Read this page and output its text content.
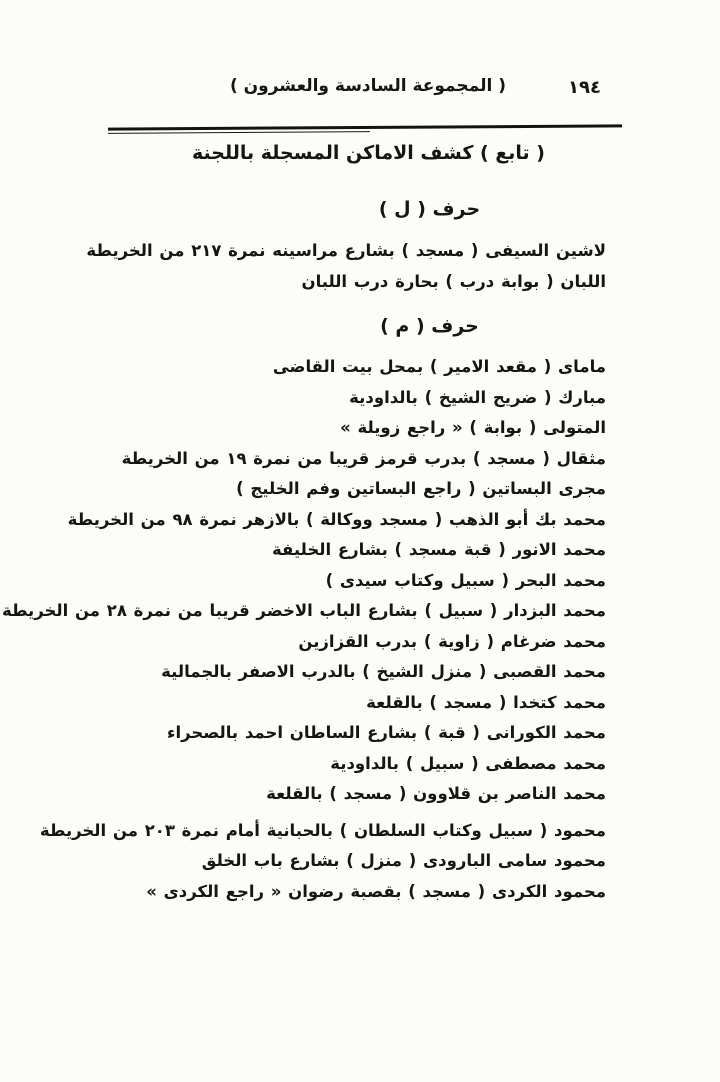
١٩٤
( المجموعة السادسة والعشرون )
( تابع ) كشف الاماكن المسجلة باللجنة
حرف ( ل )
لاشين السيفى ( مسجد ) بشارع مراسينه نمرة ٢١٧ من الخريطة
اللبان ( بوابة درب ) بحارة درب اللبان
حرف ( م )
ماماى ( مقعد الامير ) بمحل بيت القاضى
مبارك ( ضريح الشيخ ) بالداودية
المتولى ( بوابة ) « راجع زويلة »
مثقال ( مسجد ) بدرب قرمز قريبا من نمرة ١٩ من الخريطة
مجرى البساتين ( راجع البساتين وفم الخليج )
محمد بك أبو الذهب ( مسجد ووكالة ) بالازهر نمرة ٩٨ من الخريطة
محمد الانور ( قبة مسجد ) بشارع الخليفة
محمد البحر ( سبيل وكتاب سيدى )
محمد البزدار ( سبيل ) بشارع الباب الاخضر قريبا من نمرة ٢٨ من الخريطة
محمد ضرغام ( زاوية ) بدرب القزازين
محمد القصبى ( منزل الشيخ ) بالدرب الاصفر بالجمالية
محمد كتخدا ( مسجد ) بالقلعة
محمد الكورانى ( قبة ) بشارع الساطان احمد بالصحراء
محمد مصطفى ( سبيل ) بالداودية
محمد الناصر بن قلاوون ( مسجد ) بالقلعة
محمود ( سبيل وكتاب السلطان ) بالحبانية أمام نمرة ٢٠٣ من الخريطة
محمود سامى البارودى ( منزل ) بشارع باب الخلق
محمود الكردى ( مسجد ) بقصبة رضوان « راجع الكردى »
